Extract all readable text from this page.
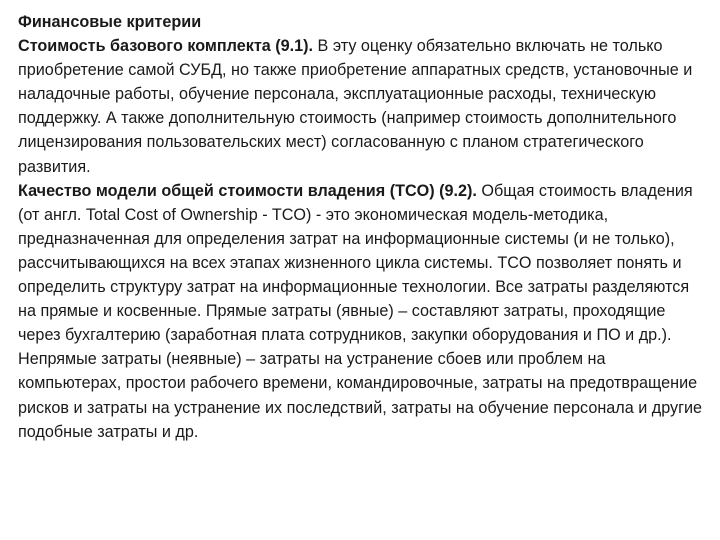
Финансовые критерии

Стоимость базового комплекта (9.1). В эту оценку обязательно включать не только приобретение самой СУБД, но также приобретение аппаратных средств, установочные и наладочные работы, обучение персонала, эксплуатационные расходы, техническую поддержку. А также дополнительную стоимость (например стоимость дополнительного лицензирования пользовательских мест) согласованную с планом стратегического развития.

Качество модели общей стоимости владения (TCO) (9.2). Общая стоимость владения (от англ. Total Cost of Ownership - TCO) - это экономическая модель-методика, предназначенная для определения затрат на информационные системы (и не только), рассчитывающихся на всех этапах жизненного цикла системы. TCO позволяет понять и определить структуру затрат на информационные технологии. Все затраты разделяются на прямые и косвенные. Прямые затраты (явные) – составляют затраты, проходящие через бухгалтерию (заработная плата сотрудников, закупки оборудования и ПО и др.). Непрямые затраты (неявные) – затраты на устранение сбоев или проблем на компьютерах, простои рабочего времени, командировочные, затраты на предотвращение рисков и затраты на устранение их последствий, затраты на обучение персонала и другие подобные затраты и др.
